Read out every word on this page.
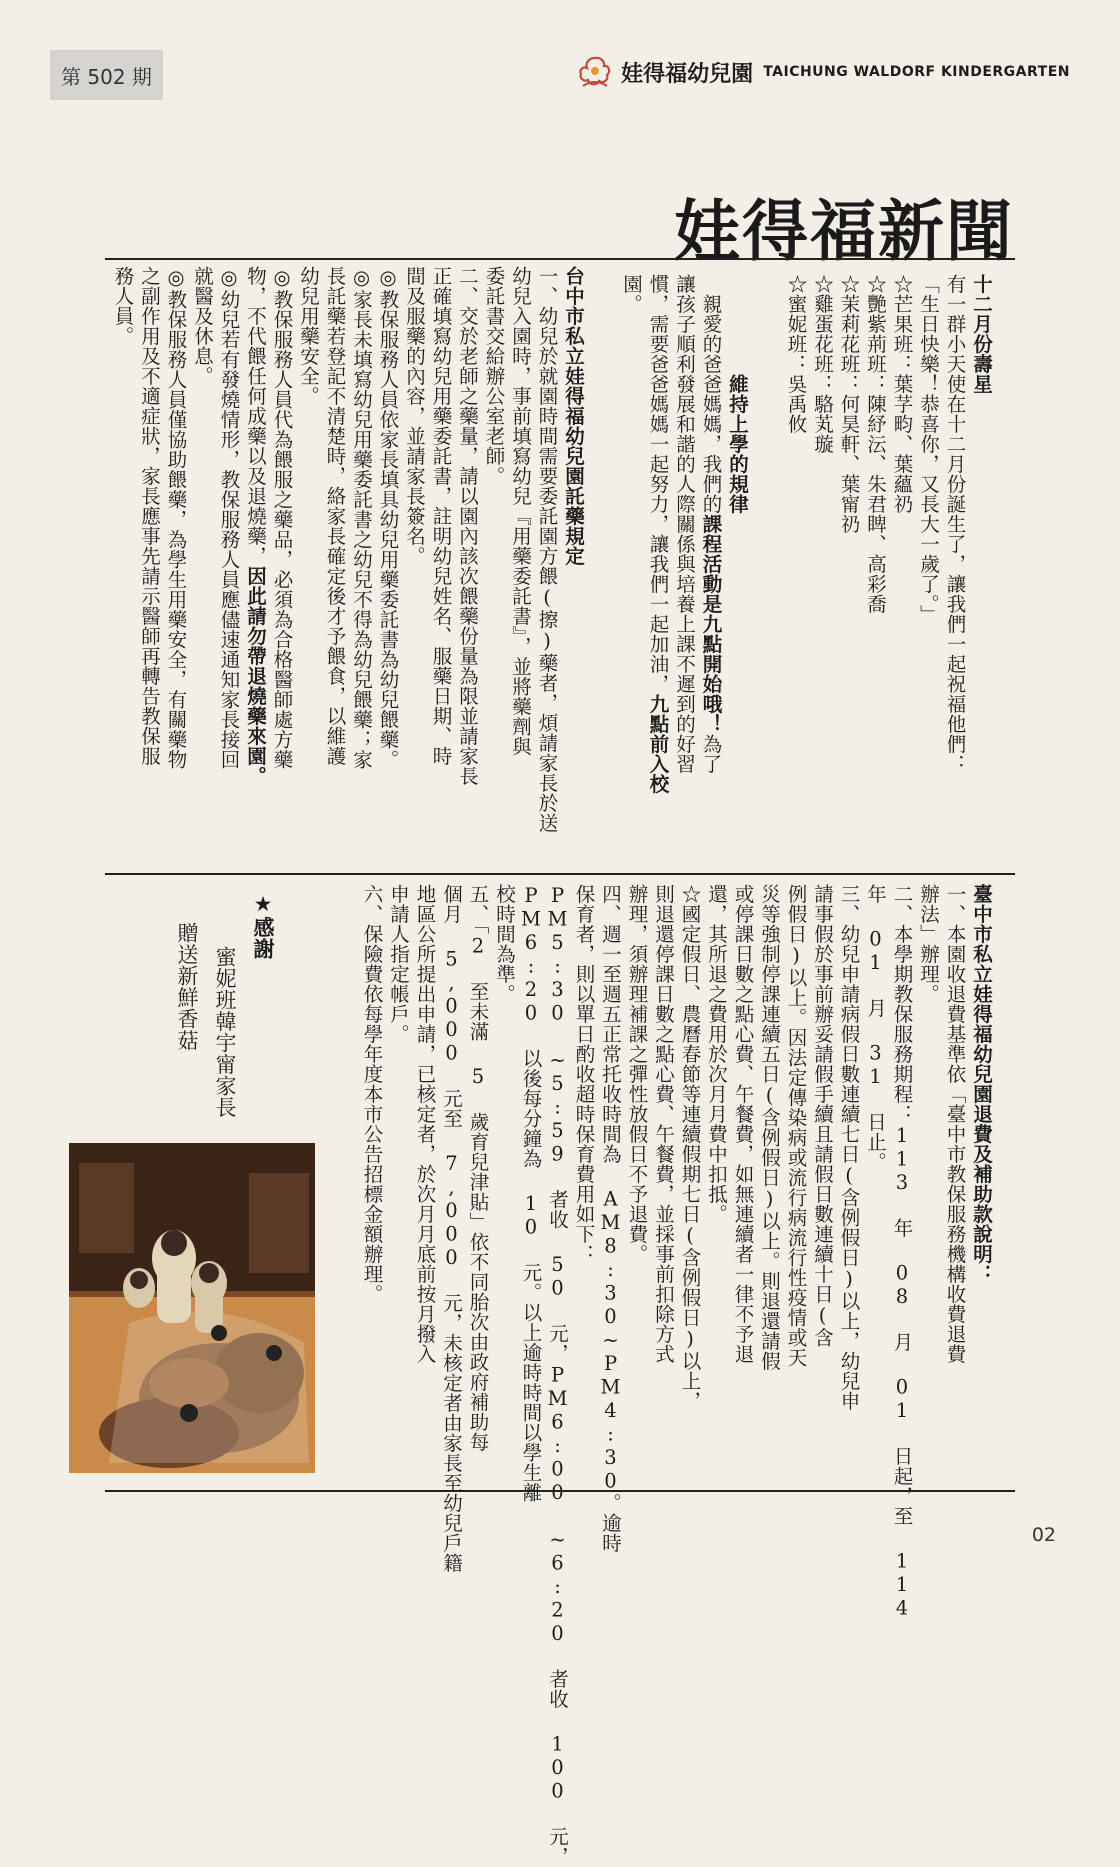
第 502 期	娃得福幼兒園 TAICHUNG WALDORF KINDERGARTEN
娃得福新聞
十二月份壽星
有一群小天使在十二月份誕生了，讓我們一起祝福他們：
「生日快樂！恭喜你，又長大一歲了。」
☆芒果班：葉芓畇、葉蘊礽
☆艷紫荊班：陳紓沄、朱君睥、高彩喬
☆茉莉花班：何昊軒、葉甯礽
☆雞蛋花班：駱芄璇
☆蜜妮班：吳禹攸
維持上學的規律
親愛的爸爸媽媽，我們的課程活動是九點開始哦！為了
讓孩子順利發展和諧的人際關係與培養上課不遲到的好習
慣，需要爸爸媽媽一起努力，讓我們一起加油，九點前入校
園。
台中市私立娃得福幼兒園託藥規定
一、幼兒於就園時間需要委託園方餵(擦)藥者，煩請家長於送
幼兒入園時，事前填寫幼兒『用藥委託書』，並將藥劑與
委託書交給辦公室老師。
二、交於老師之藥量，請以園內該次餵藥份量為限並請家長
正確填寫幼兒用藥委託書，註明幼兒姓名、服藥日期、時
間及服藥的內容，並請家長簽名。
◎教保服務人員依家長填具幼兒用藥委託書為幼兒餵藥。
◎家長未填寫幼兒用藥委託書之幼兒不得為幼兒餵藥；家
長託藥若登記不清楚時，絡家長確定後才予餵食，以維護
幼兒用藥安全。
◎教保服務人員代為餵服之藥品，必須為合格醫師處方藥
物，不代餵任何成藥以及退燒藥，因此請勿帶退燒藥來園。
◎幼兒若有發燒情形，教保服務人員應儘速通知家長接回
就醫及休息。
◎教保服務人員僅協助餵藥，為學生用藥安全，有關藥物
之副作用及不適症狀，家長應事先請示醫師再轉告教保服
務人員。
臺中市私立娃得福幼兒園退費及補助款說明：
一、本園收退費基準依「臺中市教保服務機構收費退費
辦法」辦理。
二、本學期教保服務期程：113 年 08 月 01 日起，至 114
年 01 月 31 日止。
三、幼兒申請病假日數連續七日(含例假日)以上，幼兒申
請事假於事前辦妥請假手續且請假日數連續十日(含
例假日)以上。因法定傳染病或流行病流行性疫情或天
災等強制停課連續五日(含例假日)以上。則退還請假
或停課日數之點心費、午餐費，如無連續者一律不予退
還，其所退之費用於次月月費中扣抵。
☆國定假日、農曆春節等連續假期七日(含例假日)以上，
則退還停課日數之點心費、午餐費，並採事前扣除方式
辦理，須辦理補課之彈性放假日不予退費。
四、週一至週五正常托收時間為 AM8:30~PM4:30。逾時
保育者，則以單日酌收超時保育費用如下：
PM5:30 ~5:59 者收 50 元，PM6:00 ~6:20 者收 100 元，
PM6:20 以後每分鐘為 10 元。以上逾時時間以學生離
校時間為準。
五、「2 至未滿 5 歲育兒津貼」依不同胎次由政府補助每
個月 5,000 元至 7,000 元，未核定者由家長至幼兒戶籍
地區公所提出申請，已核定者，於次月月底前按月撥入
申請人指定帳戶。
六、保險費依每學年度本市公告招標金額辦理。
★感謝
蜜妮班韓宇甯家長
贈送新鮮香菇
02
